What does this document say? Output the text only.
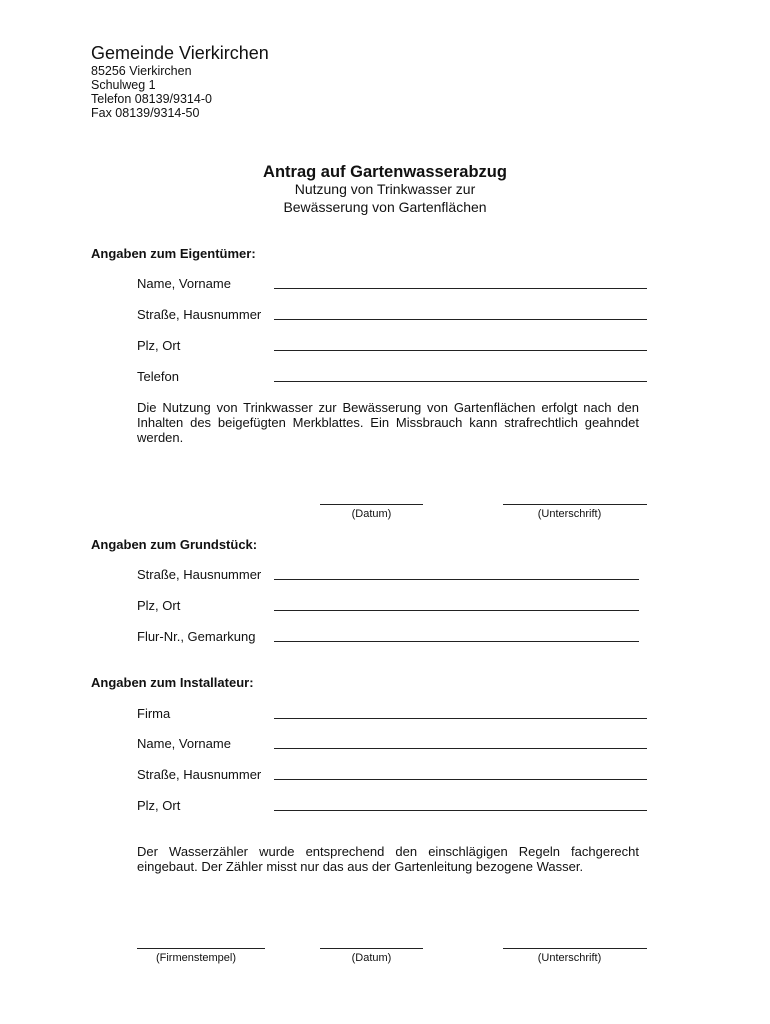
Gemeinde Vierkirchen
85256 Vierkirchen
Schulweg 1
Telefon 08139/9314-0
Fax 08139/9314-50
Antrag auf Gartenwasserabzug
Nutzung von Trinkwasser zur
Bewässerung von Gartenflächen
Angaben zum Eigentümer:
Name, Vorname
Straße, Hausnummer
Plz, Ort
Telefon
Die Nutzung von Trinkwasser zur Bewässerung von Gartenflächen erfolgt nach den Inhalten des beigefügten Merkblattes. Ein Missbrauch kann strafrechtlich geahndet werden.
(Datum)	(Unterschrift)
Angaben zum Grundstück:
Straße, Hausnummer
Plz, Ort
Flur-Nr., Gemarkung
Angaben zum Installateur:
Firma
Name, Vorname
Straße, Hausnummer
Plz, Ort
Der Wasserzähler wurde entsprechend den einschlägigen Regeln fachgerecht eingebaut. Der Zähler misst nur das aus der Gartenleitung bezogene Wasser.
(Firmenstempel)	(Datum)	(Unterschrift)
